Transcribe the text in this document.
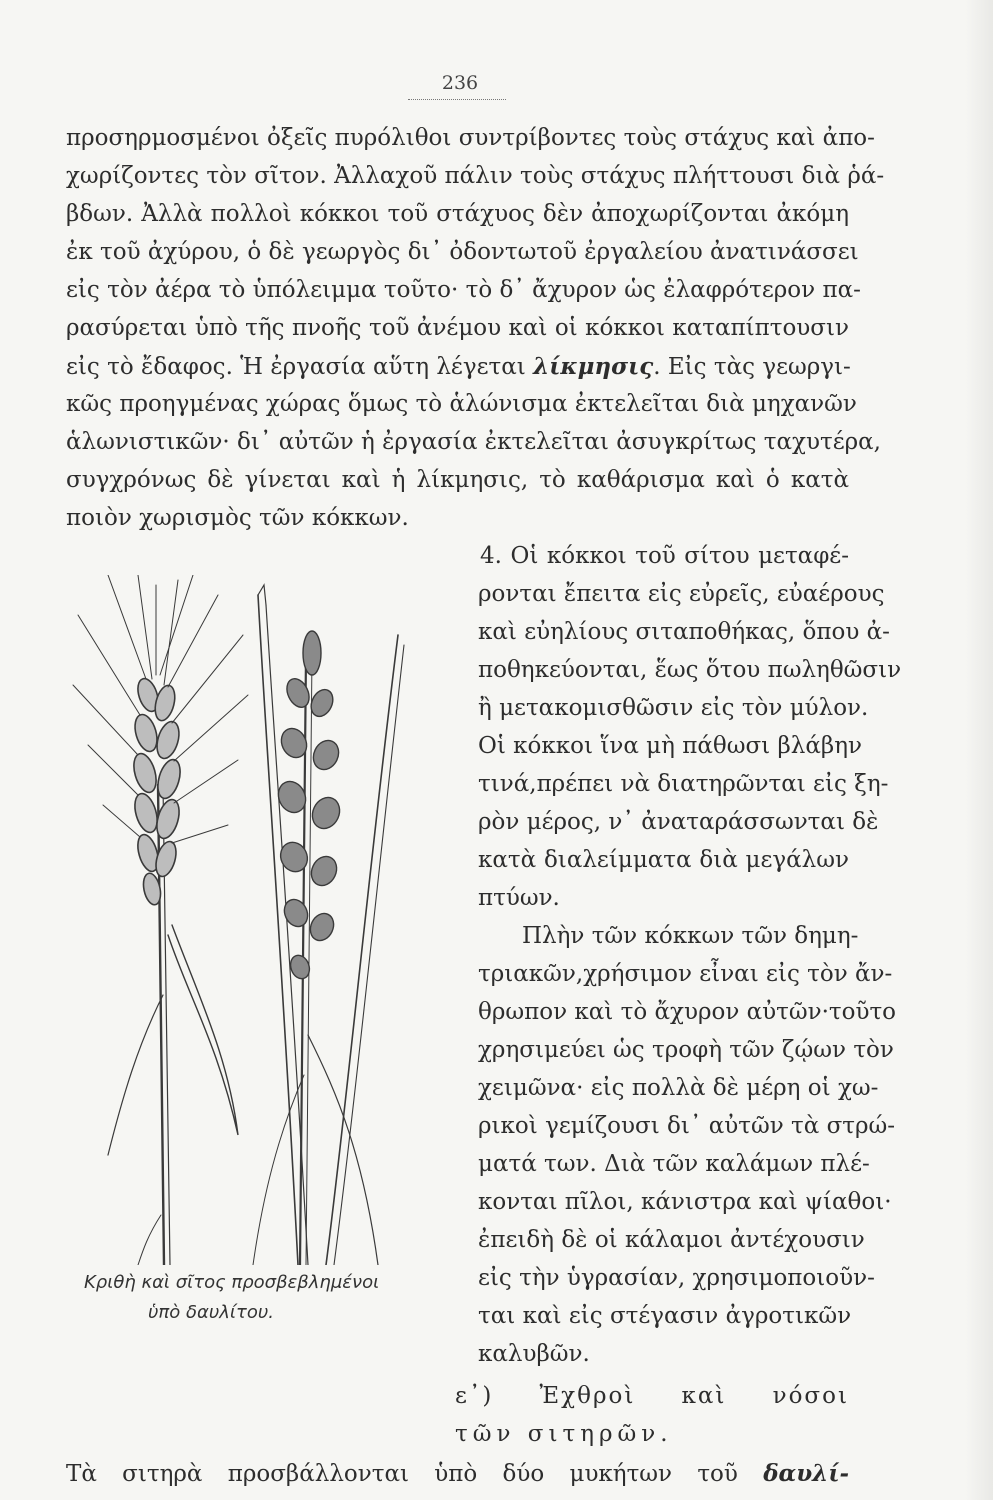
236
προσηρμοσμένοι ὀξεῖς πυρόλιθοι συντρίβοντες τοὺς στάχυς καὶ ἀπο-
χωρίζοντες τὸν σῖτον. Ἀλλαχοῦ πάλιν τοὺς στάχυς πλήττουσι διὰ ῥά-
βδων. Ἀλλὰ πολλοὶ κόκκοι τοῦ στάχυος δὲν ἀποχωρίζονται ἀκόμη
ἐκ τοῦ ἀχύρου, ὁ δὲ γεωργὸς δι᾿ ὀδοντωτοῦ ἐργαλείου ἀνατινάσσει
εἰς τὸν ἀέρα τὸ ὑπόλειμμα τοῦτο· τὸ δ᾿ ἄχυρον ὡς ἐλαφρότερον πα-
ρασύρεται ὑπὸ τῆς πνοῆς τοῦ ἀνέμου καὶ οἱ κόκκοι καταπίπτουσιν
εἰς τὸ ἔδαφος. Ἡ ἐργασία αὕτη λέγεται λίκμησις. Εἰς τὰς γεωργι-
κῶς προηγμένας χώρας ὅμως τὸ ἁλώνισμα ἐκτελεῖται διὰ μηχανῶν
ἁλωνιστικῶν· δι᾿ αὐτῶν ἡ ἐργασία ἐκτελεῖται ἀσυγκρίτως ταχυτέρα,
συγχρόνως δὲ γίνεται καὶ ἡ λίκμησις, τὸ καθάρισμα καὶ ὁ κατὰ
ποιὸν χωρισμὸς τῶν κόκκων.
4. Οἱ κόκκοι τοῦ σίτου μεταφέ-
ρονται ἔπειτα εἰς εὐρεῖς, εὐαέρους
καὶ εὐηλίους σιταποθήκας, ὅπου ἀ-
ποθηκεύονται, ἕως ὅτου πωληθῶσιν
ἢ μετακομισθῶσιν εἰς τὸν μύλον.
Οἱ κόκκοι ἵνα μὴ πάθωσι βλάβην
τινά,πρέπει νὰ διατηρῶνται εἰς ξη-
ρὸν μέρος, ν᾿ ἀναταράσσωνται δὲ
κατὰ διαλείμματα διὰ μεγάλων
πτύων.
Πλὴν τῶν κόκκων τῶν δημη-
τριακῶν,χρήσιμον εἶναι εἰς τὸν ἄν-
θρωπον καὶ τὸ ἄχυρον αὐτῶν·τοῦτο
χρησιμεύει ὡς τροφὴ τῶν ζῴων τὸν
χειμῶνα· εἰς πολλὰ δὲ μέρη οἱ χω-
ρικοὶ γεμίζουσι δι᾿ αὐτῶν τὰ στρώ-
ματά των. Διὰ τῶν καλάμων πλέ-
κονται πῖλοι, κάνιστρα καὶ ψίαθοι·
ἐπειδὴ δὲ οἱ κάλαμοι ἀντέχουσιν
εἰς τὴν ὑγρασίαν, χρησιμοποιοῦν-
ται καὶ εἰς στέγασιν ἀγροτικῶν
καλυβῶν.
ε᾿) Ἐχθροὶ καὶ νόσοι
τῶν σιτηρῶν.
Κριθὴ καὶ σῖτος προσβεβλημένοι
ὑπὸ δαυλίτου.
Τὰ σιτηρὰ προσβάλλονται ὑπὸ δύο μυκήτων τοῦ δαυλί-
